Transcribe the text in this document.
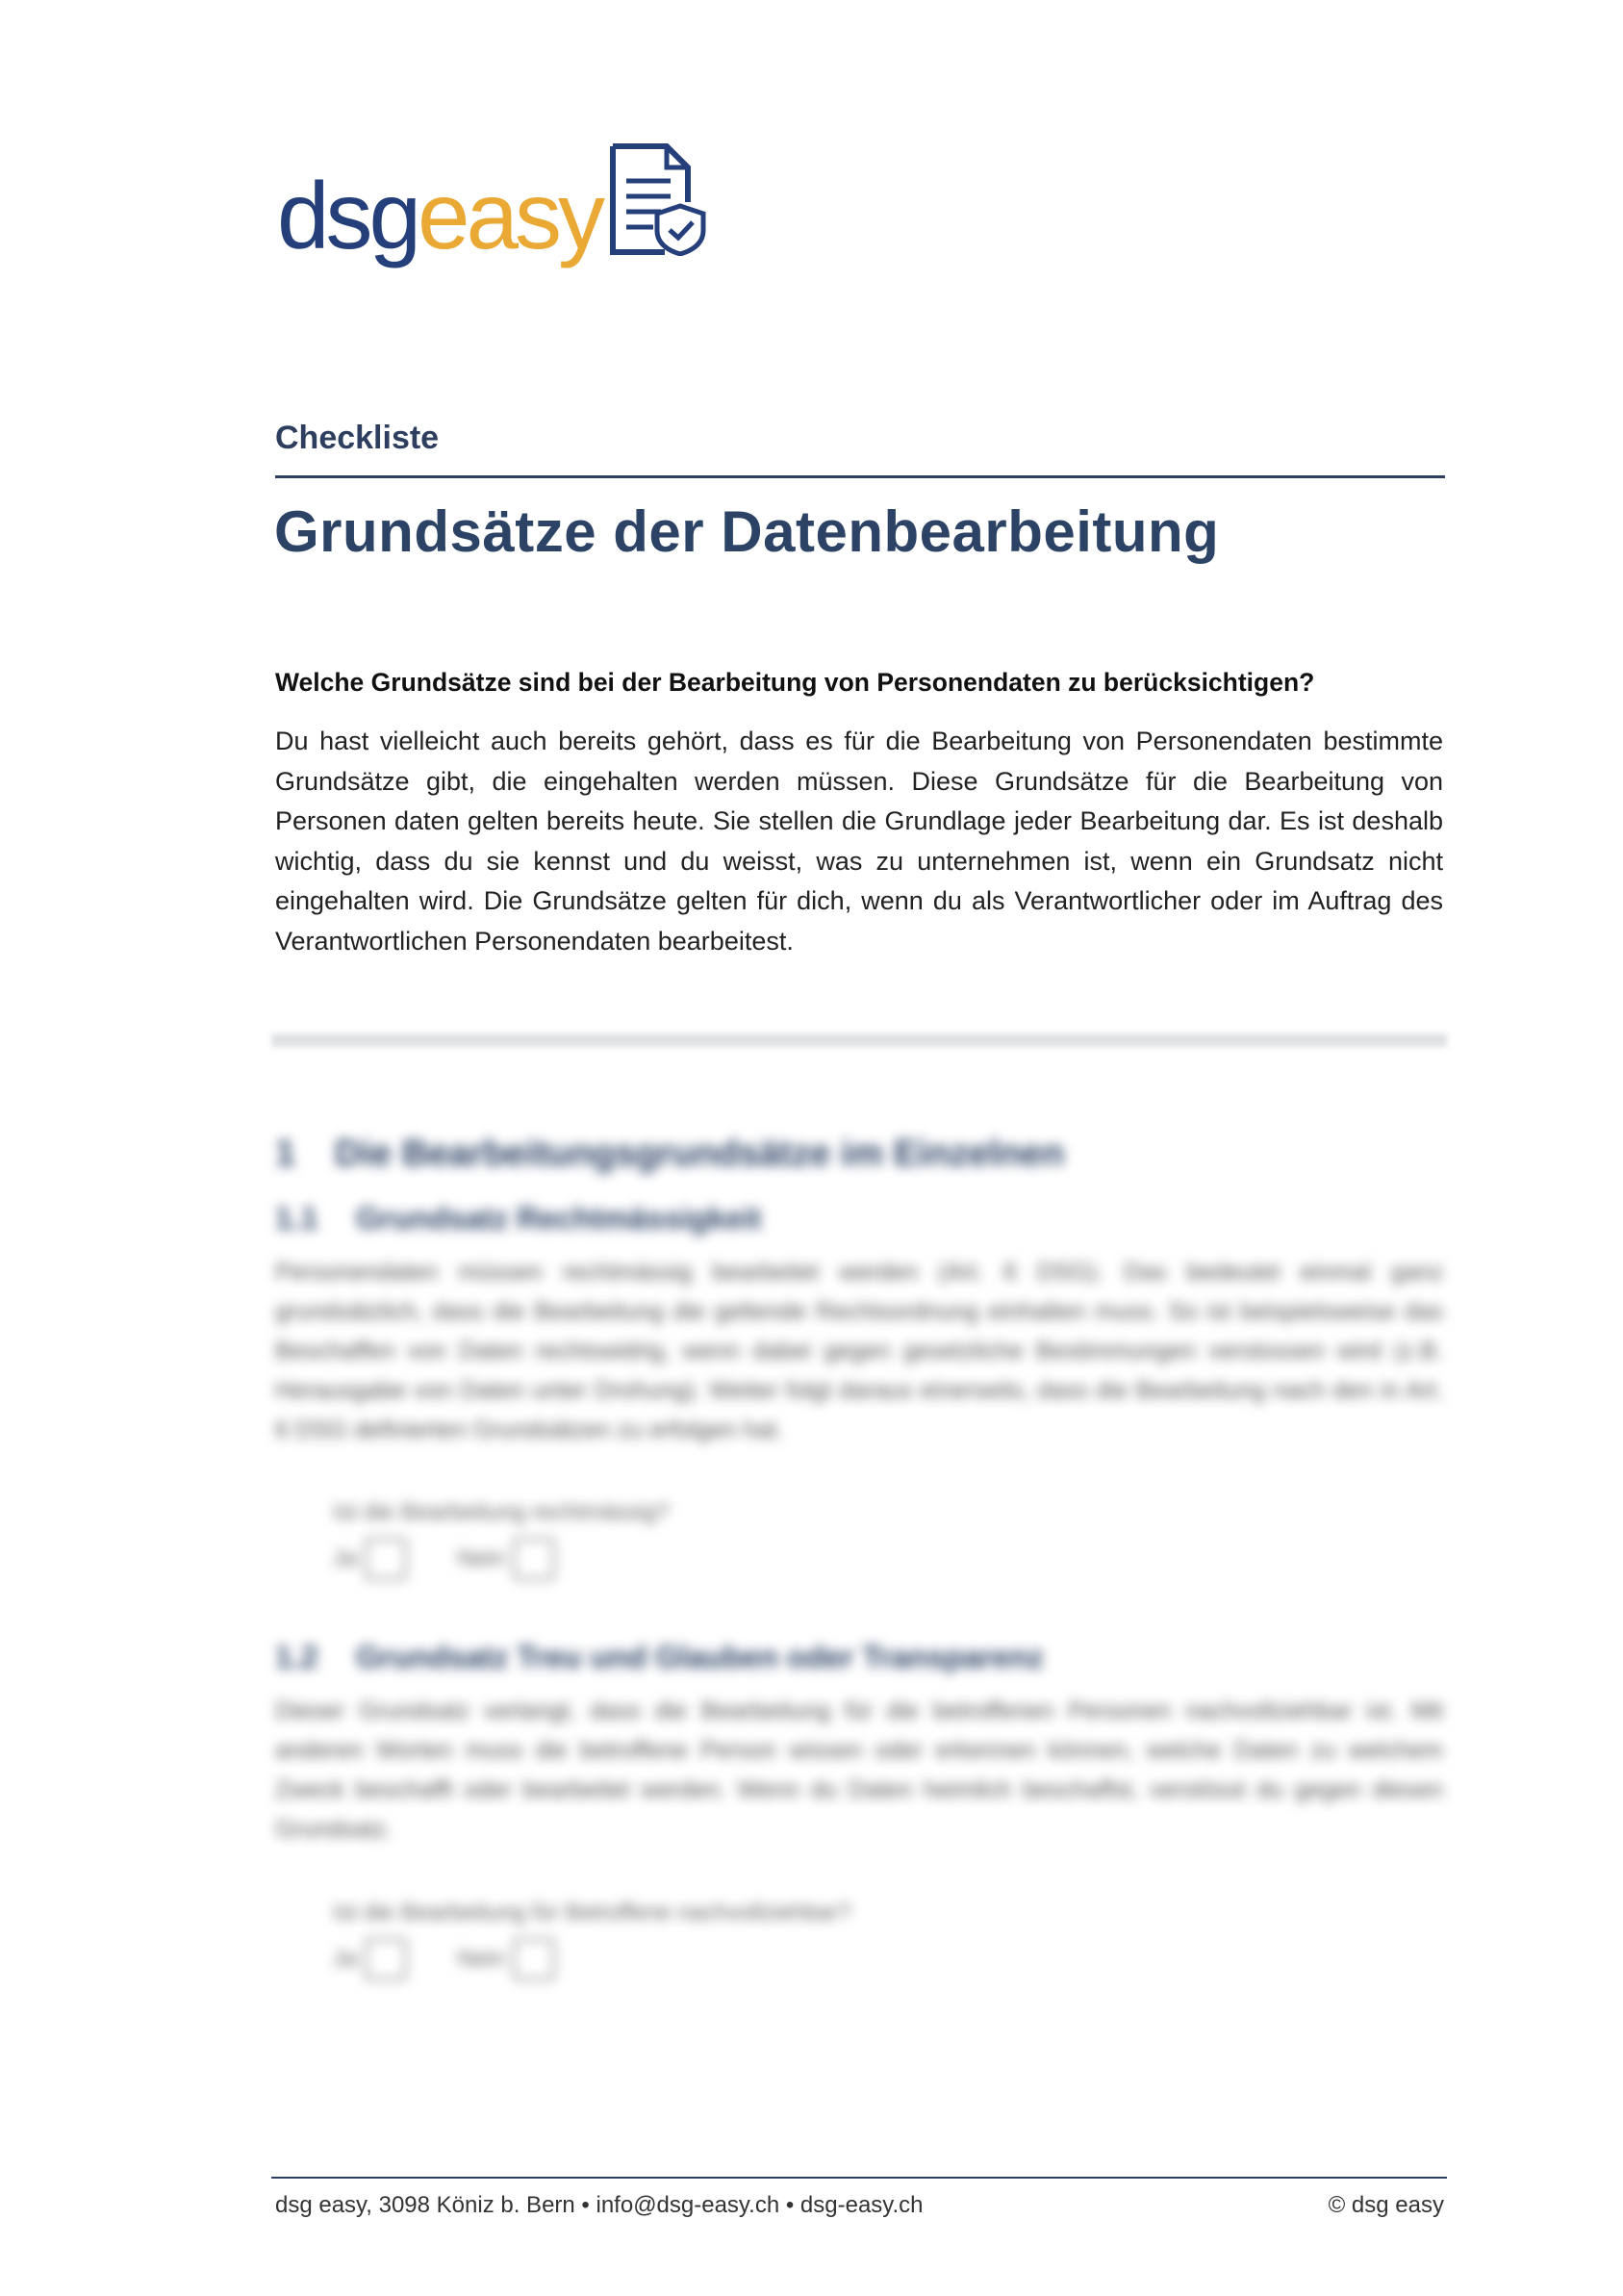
dsgeasy
Checkliste
Grundsätze der Datenbearbeitung
Welche Grundsätze sind bei der Bearbeitung von Personendaten zu berücksichtigen?

Du hast vielleicht auch bereits gehört, dass es für die Bearbeitung von Personendaten bestimmte Grundsätze gibt, die eingehalten werden müssen. Diese Grundsätze für die Bearbeitung von Personen daten gelten bereits heute. Sie stellen die Grundlage jeder Bearbeitung dar. Es ist deshalb wichtig, dass du sie kennst und du weisst, was zu unternehmen ist, wenn ein Grundsatz nicht eingehalten wird. Die Grundsätze gelten für dich, wenn du als Verantwortlicher oder im Auftrag des Verantwortlichen Personendaten bearbeitest.

1 Die Bearbeitungsgrundsätze im Einzelnen
1.1 Grundsatz Rechtmässigkeit

Personendaten müssen rechtmässig bearbeitet werden (Art. 6 DSG). Das bedeutet einmal ganz grundsätzlich, dass die Bearbeitung die geltende Rechtsordnung einhalten muss. So ist beispielsweise das Beschaffen von Daten rechtswidrig, wenn dabei gegen gesetzliche Bestimmungen verstossen wird (z.B. Herausgabe von Daten unter Drohung). Weiter folgt daraus einerseits, dass die Bearbeitung nach den in Art. 6 DSG definierten Grundsätzen zu erfolgen hat.

Ist die Bearbeitung rechtmässig?
Ja	Nein
1.2 Grundsatz Treu und Glauben oder Transparenz

Dieser Grundsatz verlangt, dass die Bearbeitung für die betroffenen Personen nachvollziehbar ist. Mit anderen Worten muss die betroffene Person wissen oder erkennen können, welche Daten zu welchem Zweck beschafft oder bearbeitet werden. Wenn du Daten heimlich beschaffst, verstösst du gegen diesen Grundsatz.

Ist die Bearbeitung für Betroffene nachvollziehbar?
Ja	Nein
dsg easy, 3098 Köniz b. Bern • info@dsg-easy.ch • dsg-easy.ch	© dsg easy
